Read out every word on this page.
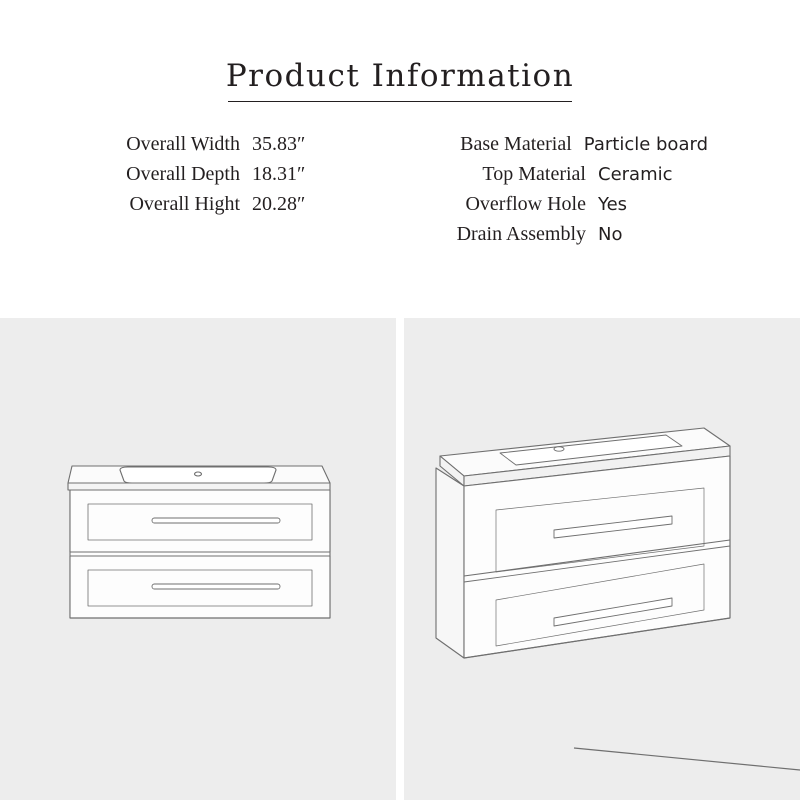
Product Information
Overall Width 35.83″
Overall Depth 18.31″
Overall Hight 20.28″
Base Material Particle board
Top Material Ceramic
Overflow Hole Yes
Drain Assembly No
